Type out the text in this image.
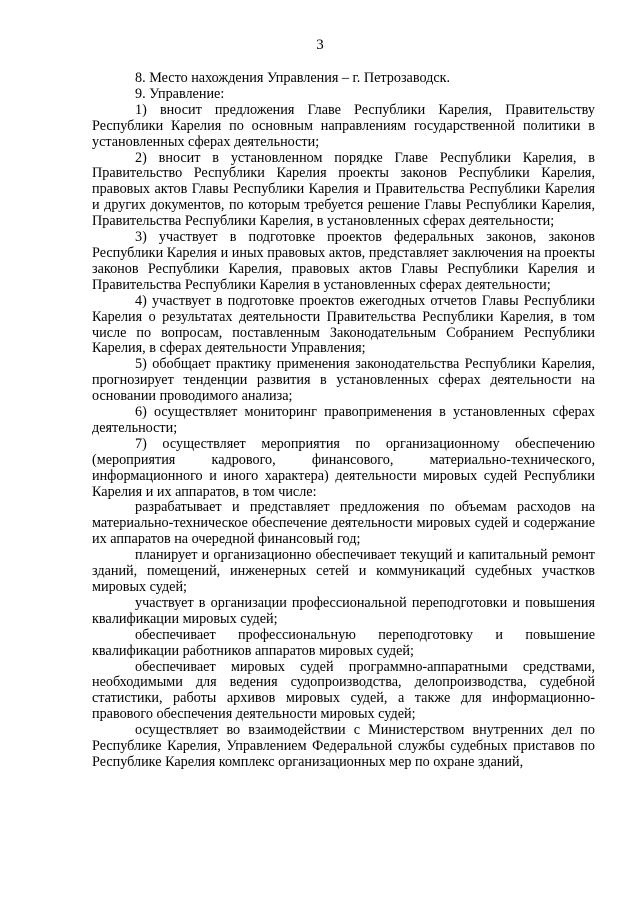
3

8. Место нахождения Управления – г. Петрозаводск.

9. Управление:

1) вносит предложения Главе Республики Карелия, Правительству Республики Карелия по основным направлениям государственной политики в установленных сферах деятельности;

2) вносит в установленном порядке Главе Республики Карелия, в Правительство Республики Карелия проекты законов Республики Карелия, правовых актов Главы Республики Карелия и Правительства Республики Карелия и других документов, по которым требуется решение Главы Республики Карелия, Правительства Республики Карелия, в установленных сферах деятельности;

3) участвует в подготовке проектов федеральных законов, законов Республики Карелия и иных правовых актов, представляет заключения на проекты законов Республики Карелия, правовых актов Главы Республики Карелия и Правительства Республики Карелия в установленных сферах деятельности;

4) участвует в подготовке проектов ежегодных отчетов Главы Республики Карелия о результатах деятельности Правительства Республики Карелия, в том числе по вопросам, поставленным Законодательным Собранием Республики Карелия, в сферах деятельности Управления;

5) обобщает практику применения законодательства Республики Карелия, прогнозирует тенденции развития в установленных сферах деятельности на основании проводимого анализа;

6) осуществляет мониторинг правоприменения в установленных сферах деятельности;

7) осуществляет мероприятия по организационному обеспечению (мероприятия кадрового, финансового, материально-технического, информационного и иного характера) деятельности мировых судей Республики Карелия и их аппаратов, в том числе:

разрабатывает и представляет предложения по объемам расходов на материально-техническое обеспечение деятельности мировых судей и содержание их аппаратов на очередной финансовый год;

планирует и организационно обеспечивает текущий и капитальный ремонт зданий, помещений, инженерных сетей и коммуникаций судебных участков мировых судей;

участвует в организации профессиональной переподготовки и повышения квалификации мировых судей;

обеспечивает профессиональную переподготовку и повышение квалификации работников аппаратов мировых судей;

обеспечивает мировых судей программно-аппаратными средствами, необходимыми для ведения судопроизводства, делопроизводства, судебной статистики, работы архивов мировых судей, а также для информационно-правового обеспечения деятельности мировых судей;

осуществляет во взаимодействии с Министерством внутренних дел по Республике Карелия, Управлением Федеральной службы судебных приставов по Республике Карелия комплекс организационных мер по охране зданий,
